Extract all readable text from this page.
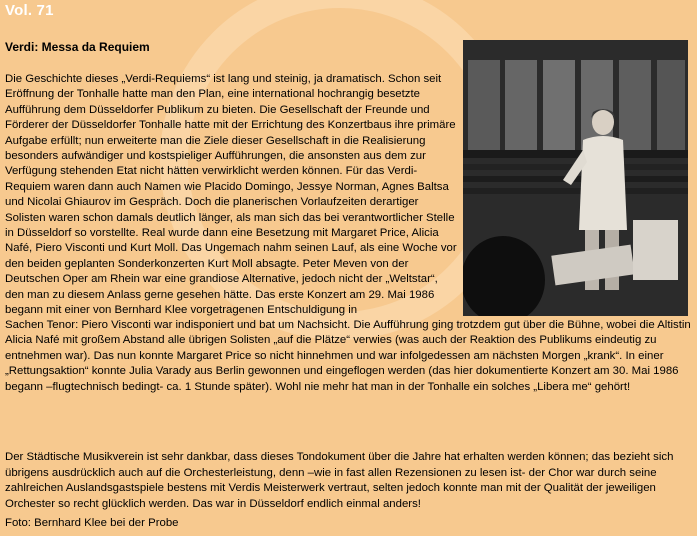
Vol. 71
Verdi: Messa da Requiem

Die Geschichte dieses „Verdi-Requiems“ ist lang und steinig, ja dramatisch. Schon seit Eröffnung der Tonhalle hatte man den Plan, eine international hochrangig besetzte Aufführung dem Düsseldorfer Publikum zu bieten. Die Gesellschaft der Freunde und Förderer der Düsseldorfer Tonhalle hatte mit der Errichtung des Konzertbaus ihre primäre Aufgabe erfüllt; nun erweiterte man die Ziele dieser Gesellschaft in die Realisierung besonders aufwändiger und kostspieliger Aufführungen, die ansonsten aus dem zur Verfügung stehenden Etat nicht hätten verwirklicht werden können. Für das Verdi-Requiem waren dann auch Namen wie Placido Domingo, Jessye Norman, Agnes Baltsa und Nicolai Ghiaurov im Gespräch. Doch die planerischen Vorlaufzeiten derartiger Solisten waren schon damals deutlich länger, als man sich das bei verantwortlicher Stelle in Düsseldorf so vorstellte. Real wurde dann eine Besetzung mit Margaret Price, Alicia Nafé, Piero Visconti und Kurt Moll. Das Ungemach nahm seinen Lauf, als eine Woche vor den beiden geplanten Sonderkonzerten Kurt Moll absagte. Peter Meven von der Deutschen Oper am Rhein war eine grandiose Alternative, jedoch nicht der „Weltstar“, den man zu diesem Anlass gerne gesehen hätte. Das erste Konzert am 29. Mai 1986 begann mit einer von Bernhard Klee vorgetragenen Entschuldigung in

Sachen Tenor: Piero Visconti war indisponiert und bat um Nachsicht. Die Aufführung ging trotzdem gut über die Bühne, wobei die Altistin Alicia Nafé mit großem Abstand alle übrigen Solisten „auf die Plätze“ verwies (was auch der Reaktion des Publikums eindeutig zu entnehmen war). Das nun konnte Margaret Price so nicht hinnehmen und war infolgedessen am nächsten Morgen „krank“. In einer „Rettungsaktion“ konnte Julia Varady aus Berlin gewonnen und eingeflogen werden (das hier dokumentierte Konzert am 30. Mai 1986 begann –flugtechnisch bedingt- ca. 1 Stunde später). Wohl nie mehr hat man in der Tonhalle ein solches „Libera me“ gehört!

Der Städtische Musikverein ist sehr dankbar, dass dieses Tondokument über die Jahre hat erhalten werden können; das bezieht sich übrigens ausdrücklich auch auf die Orchesterleistung, denn –wie in fast allen Rezensionen zu lesen ist- der Chor war durch seine zahlreichen Auslandsgastspiele bestens mit Verdis Meisterwerk vertraut, selten jedoch konnte man mit der Qualität der jeweiligen Orchester so recht glücklich werden. Das war in Düsseldorf endlich einmal anders!

Foto: Bernhard Klee bei der Probe
